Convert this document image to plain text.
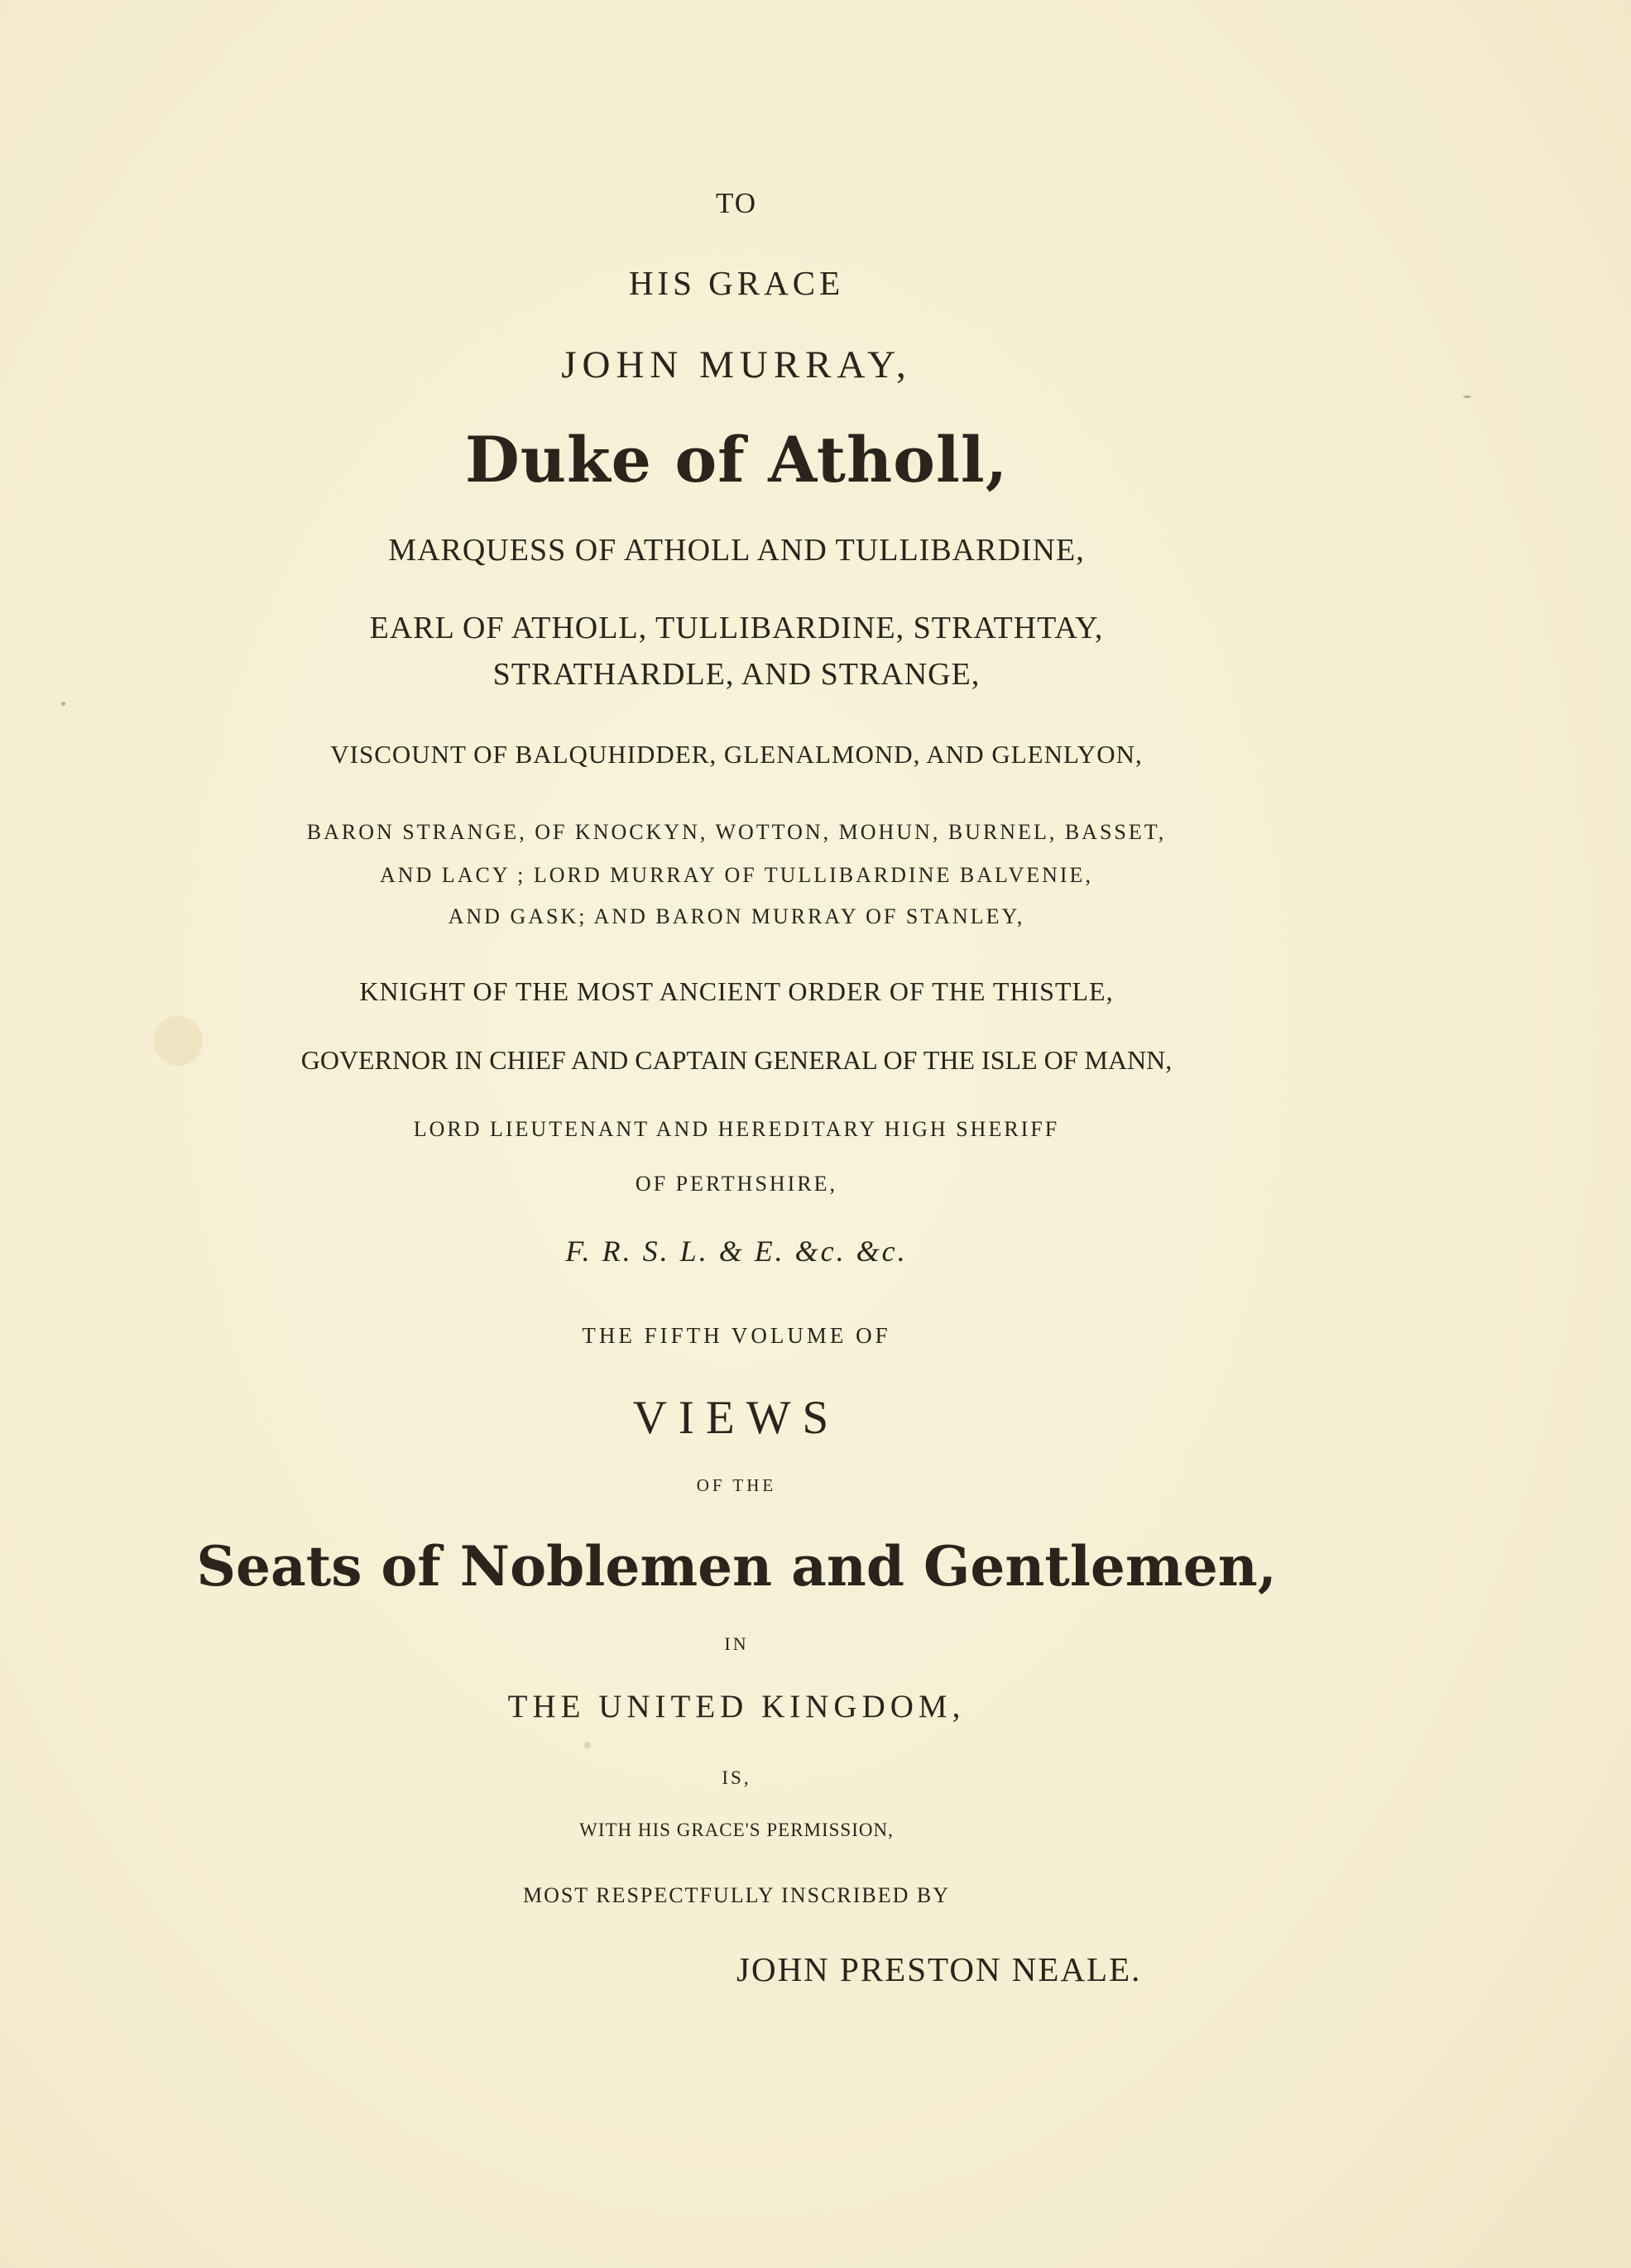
TO
HIS GRACE
JOHN MURRAY,
Duke of Atholl,
MARQUESS OF ATHOLL AND TULLIBARDINE,
EARL OF ATHOLL, TULLIBARDINE, STRATHTAY,
STRATHARDLE, AND STRANGE,
VISCOUNT OF BALQUHIDDER, GLENALMOND, AND GLENLYON,
BARON STRANGE, OF KNOCKYN, WOTTON, MOHUN, BURNEL, BASSET,
AND LACY ; LORD MURRAY OF TULLIBARDINE BALVENIE,
AND GASK; AND BARON MURRAY OF STANLEY,
KNIGHT OF THE MOST ANCIENT ORDER OF THE THISTLE,
GOVERNOR IN CHIEF AND CAPTAIN GENERAL OF THE ISLE OF MANN,
LORD LIEUTENANT AND HEREDITARY HIGH SHERIFF
OF PERTHSHIRE,
F. R. S. L. & E. &c. &c.
THE FIFTH VOLUME OF
VIEWS
OF THE
Seats of Noblemen and Gentlemen,
IN
THE UNITED KINGDOM,
IS,
WITH HIS GRACE'S PERMISSION,
MOST RESPECTFULLY INSCRIBED BY
JOHN PRESTON NEALE.
